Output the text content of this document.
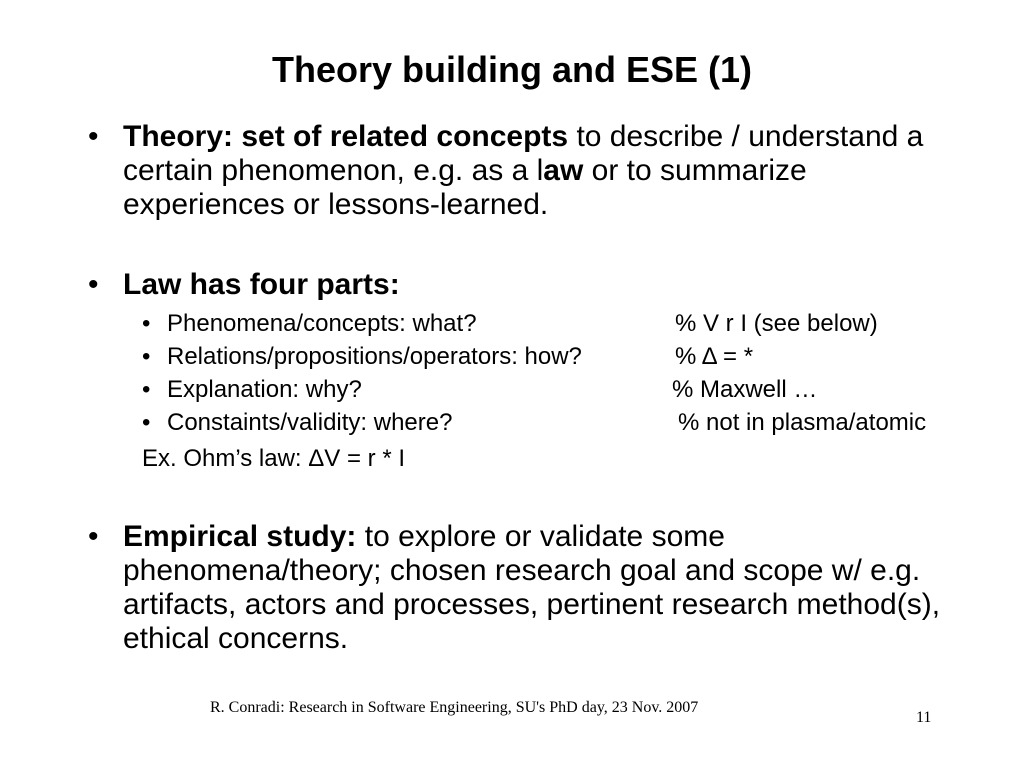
Theory building and ESE (1)
• Theory: set of related concepts to describe / understand a certain phenomenon, e.g. as a law or to summarize experiences or lessons-learned.
• Law has four parts:
• Phenomena/concepts: what?	% V r I (see below)
• Relations/propositions/operators: how?	% Δ = *
• Explanation: why?	% Maxwell …
• Constaints/validity: where?	% not in plasma/atomic
Ex. Ohm’s law: ΔV = r * I
• Empirical study: to explore or validate some phenomena/theory; chosen research goal and scope w/ e.g. artifacts, actors and processes, pertinent research method(s), ethical concerns.
R. Conradi: Research in Software Engineering, SU's PhD day, 23 Nov. 2007
11
